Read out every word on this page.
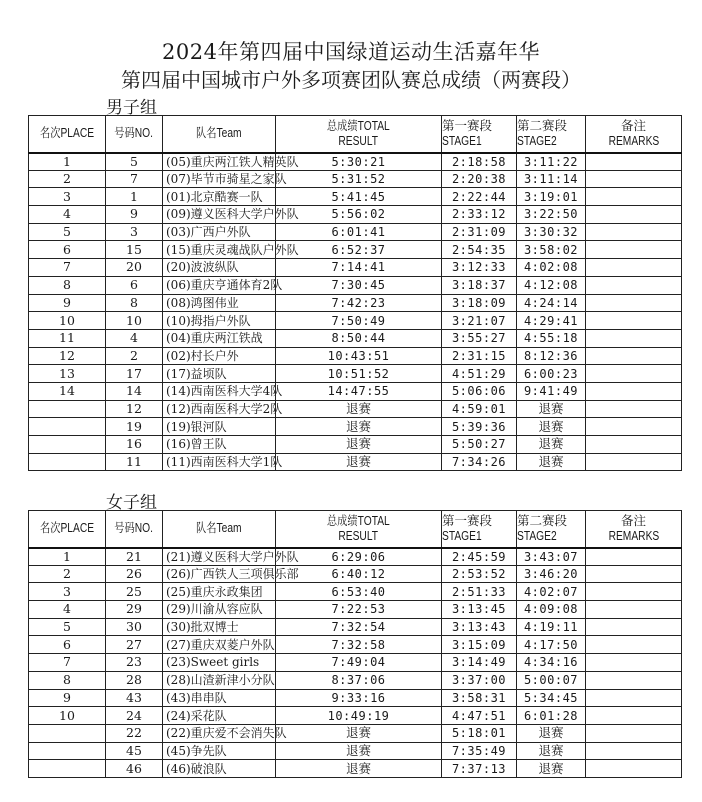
2024年第四届中国绿道运动生活嘉年华
第四届中国城市户外多项赛团队赛总成绩（两赛段）
男子组
名次PLACE	号码NO.	队名Team	总成绩TOTAL
RESULT	第一赛段
STAGE1	第二赛段
STAGE2	备注
REMARKS
1	5	(05)重庆两江铁人精英队	5:30:21	2:18:58	3:11:22	
2	7	(07)毕节市骑星之家队	5:31:52	2:20:38	3:11:14	
3	1	(01)北京酷赛一队	5:41:45	2:22:44	3:19:01	
4	9	(09)遵义医科大学户外队	5:56:02	2:33:12	3:22:50	
5	3	(03)广西户外队	6:01:41	2:31:09	3:30:32	
6	15	(15)重庆灵魂战队户外队	6:52:37	2:54:35	3:58:02	
7	20	(20)波波纵队	7:14:41	3:12:33	4:02:08	
8	6	(06)重庆亨通体育2队	7:30:45	3:18:37	4:12:08	
9	8	(08)鸿图伟业	7:42:23	3:18:09	4:24:14	
10	10	(10)拇指户外队	7:50:49	3:21:07	4:29:41	
11	4	(04)重庆两江铁战	8:50:44	3:55:27	4:55:18	
12	2	(02)村长户外	10:43:51	2:31:15	8:12:36	
13	17	(17)益顷队	10:51:52	4:51:29	6:00:23	
14	14	(14)西南医科大学4队	14:47:55	5:06:06	9:41:49	
	12	(12)西南医科大学2队	退赛	4:59:01	退赛	
	19	(19)银河队	退赛	5:39:36	退赛	
	16	(16)曾王队	退赛	5:50:27	退赛	
	11	(11)西南医科大学1队	退赛	7:34:26	退赛	
女子组
名次PLACE	号码NO.	队名Team	总成绩TOTAL
RESULT	第一赛段
STAGE1	第二赛段
STAGE2	备注
REMARKS
1	21	(21)遵义医科大学户外队	6:29:06	2:45:59	3:43:07	
2	26	(26)广西铁人三项俱乐部	6:40:12	2:53:52	3:46:20	
3	25	(25)重庆永政集团	6:53:40	2:51:33	4:02:07	
4	29	(29)川渝从容应队	7:22:53	3:13:45	4:09:08	
5	30	(30)批双博士	7:32:54	3:13:43	4:19:11	
6	27	(27)重庆双菱户外队	7:32:58	3:15:09	4:17:50	
7	23	(23)Sweet girls	7:49:04	3:14:49	4:34:16	
8	28	(28)山渣新津小分队	8:37:06	3:37:00	5:00:07	
9	43	(43)串串队	9:33:16	3:58:31	5:34:45	
10	24	(24)采花队	10:49:19	4:47:51	6:01:28	
	22	(22)重庆爱不会消失队	退赛	5:18:01	退赛	
	45	(45)争先队	退赛	7:35:49	退赛	
	46	(46)破浪队	退赛	7:37:13	退赛	
